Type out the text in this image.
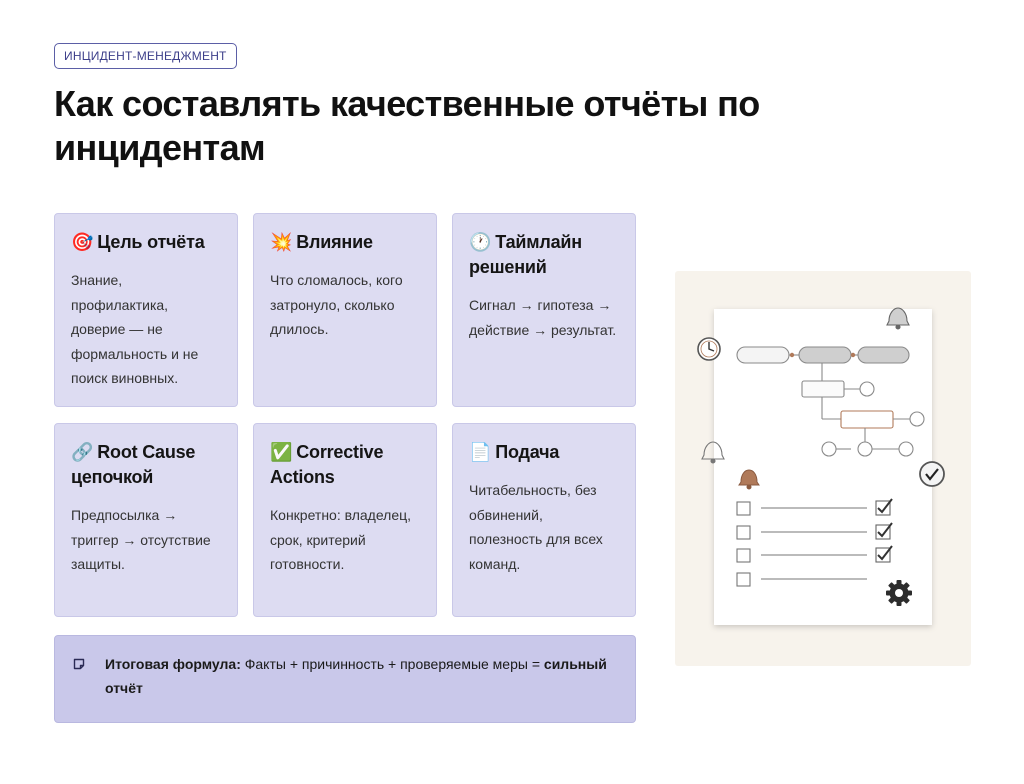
ИНЦИДЕНТ-МЕНЕДЖМЕНТ
Как составлять качественные отчёты по инцидентам

🎯 Цель отчёта

Знание, профилактика, доверие — не формальность и не поиск виновных.

💥 Влияние

Что сломалось, кого затронуло, сколько длилось.

🕐 Таймлайн решений

Сигнал → гипотеза → действие → результат.

🔗 Root Cause цепочкой

Предпосылка → триггер → отсутствие защиты.

✅ Corrective Actions

Конкретно: владелец, срок, критерий готовности.

📄 Подача

Читабельность, без обвинений, полезность для всех команд.

Итоговая формула: Факты + причинность + проверяемые меры = сильный отчёт
